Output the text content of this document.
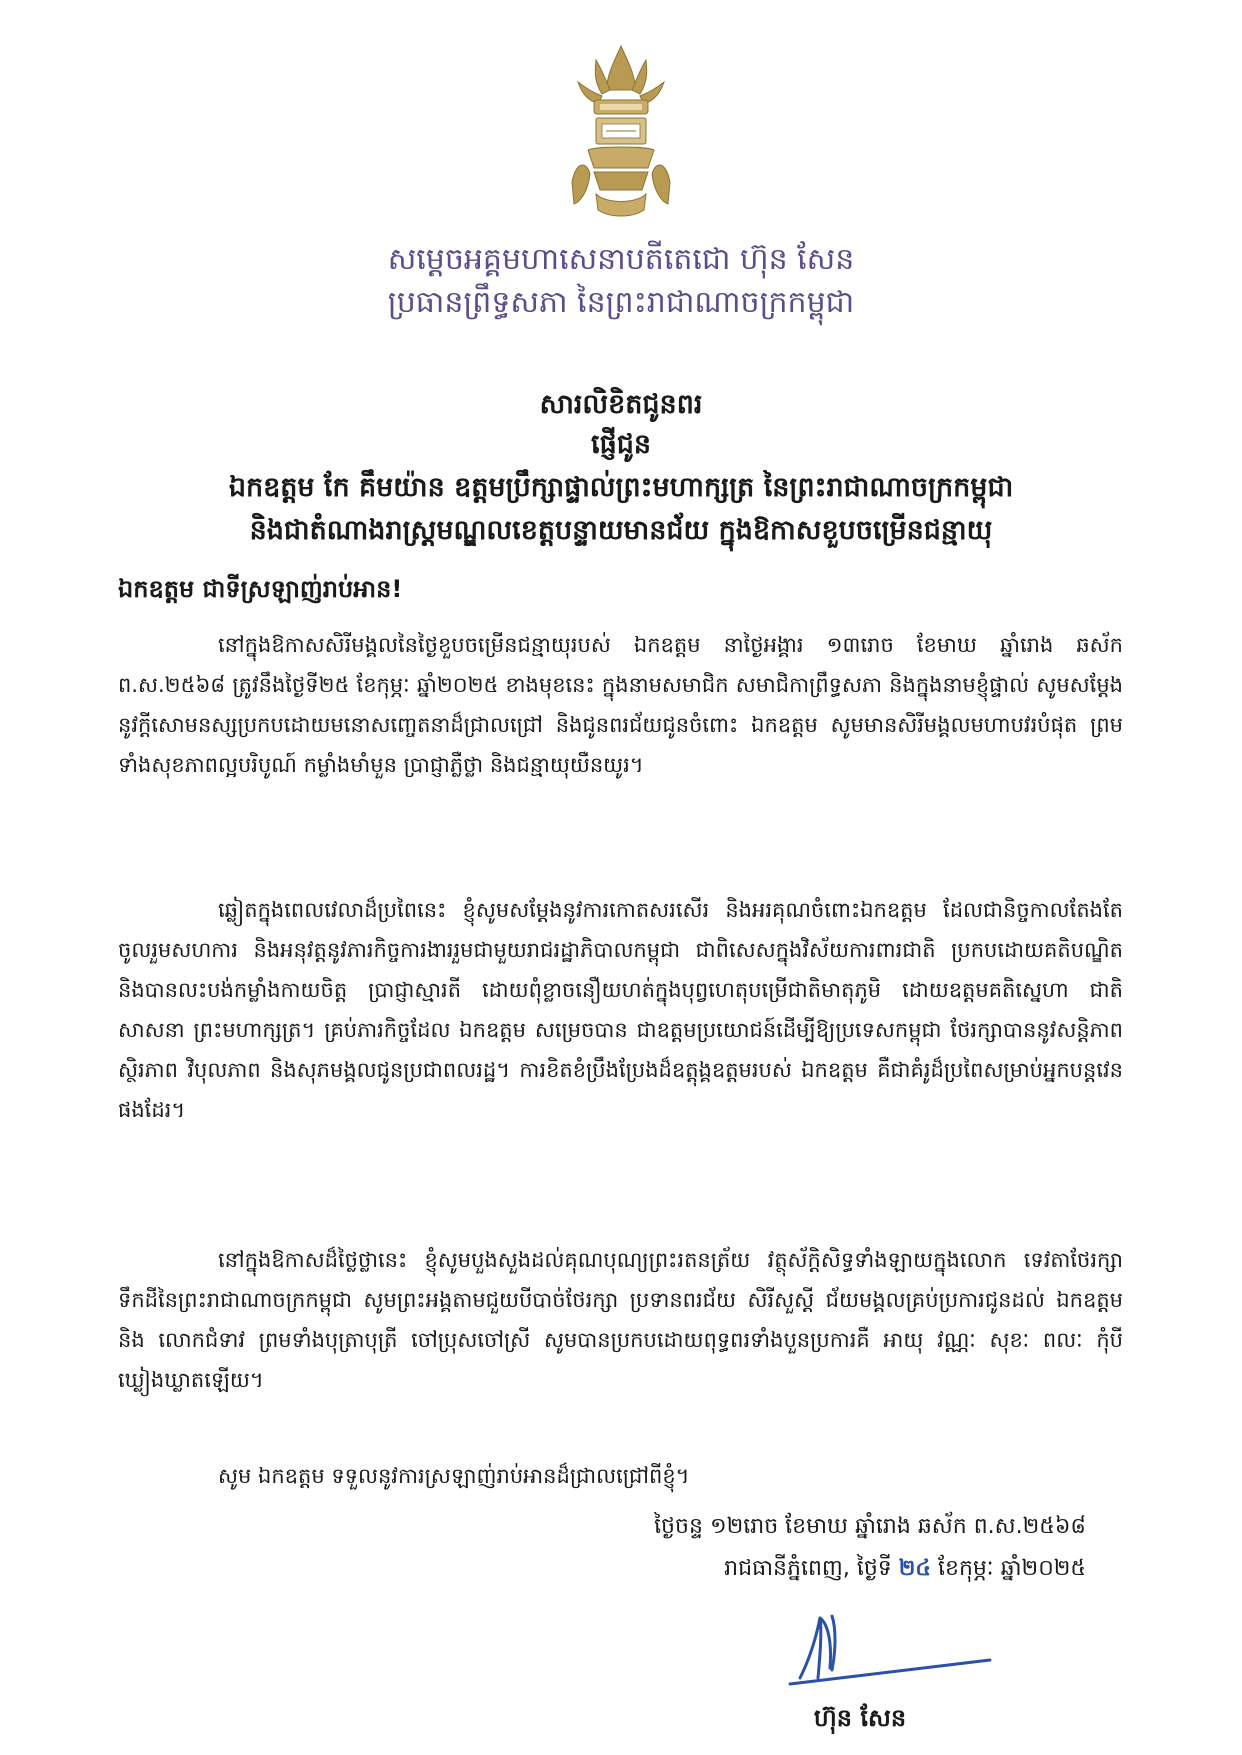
សម្តេចអគ្គមហាសេនាបតីតេជោ ហ៊ុន សែន
ប្រធានព្រឹទ្ធសភា នៃព្រះរាជាណាចក្រកម្ពុជា
សារលិខិតជូនពរ
ផ្ញើជូន
ឯកឧត្តម កែ គឹមយ៉ាន ឧត្តមប្រឹក្សាផ្ទាល់ព្រះមហាក្សត្រ នៃព្រះរាជាណាចក្រកម្ពុជា
និងជាតំណាងរាស្ត្រមណ្ឌលខេត្តបន្ទាយមានជ័យ ក្នុងឱកាសខួបចម្រើនជន្មាយុ
ឯកឧត្តម ជាទីស្រឡាញ់រាប់អាន!

នៅក្នុងឱកាសសិរីមង្គលនៃថ្ងៃខួបចម្រើនជន្មាយុរបស់ ឯកឧត្តម នាថ្ងៃអង្គារ ១៣រោច ខែមាឃ ឆ្នាំរោង ឆស័ក ព.ស.២៥៦៨ ត្រូវនឹងថ្ងៃទី២៥ ខែកុម្ភៈ ឆ្នាំ២០២៥ ខាងមុខនេះ ក្នុងនាមសមាជិក សមាជិកាព្រឹទ្ធសភា និងក្នុងនាមខ្ញុំផ្ទាល់ សូមសម្តែងនូវក្តីសោមនស្សប្រកបដោយមនោសញ្ចេតនាដ៏ជ្រាលជ្រៅ និងជូនពរជ័យជូនចំពោះ ឯកឧត្តម សូមមានសិរីមង្គលមហាបវរបំផុត ព្រមទាំងសុខភាពល្អបរិបូណ៍ កម្លាំងមាំមួន ប្រាជ្ញាភ្លឺថ្លា និងជន្មាយុយឺនយូរ។

ឆ្លៀតក្នុងពេលវេលាដ៏ប្រពៃនេះ ខ្ញុំសូមសម្តែងនូវការកោតសរសើរ និងអរគុណចំពោះឯកឧត្តម ដែលជានិច្ចកាលតែងតែចូលរួមសហការ និងអនុវត្តនូវភារកិច្ចការងាររួមជាមួយរាជរដ្ឋាភិបាលកម្ពុជា ជាពិសេសក្នុងវិស័យការពារជាតិ ប្រកបដោយគតិបណ្ឌិត និងបានលះបង់កម្លាំងកាយចិត្ត ប្រាជ្ញាស្មារតី ដោយពុំខ្លាចនឿយហត់ក្នុងបុព្វហេតុបម្រើជាតិមាតុភូមិ ដោយឧត្តមគតិស្នេហា ជាតិ សាសនា ព្រះមហាក្សត្រ។ គ្រប់ភារកិច្ចដែល ឯកឧត្តម សម្រេចបាន ជាឧត្តមប្រយោជន៍ដើម្បីឱ្យប្រទេសកម្ពុជា ថែរក្សាបាននូវសន្តិភាព ស្ថិរភាព វិបុលភាព និងសុភមង្គលជូនប្រជាពលរដ្ឋ។ ការខិតខំប្រឹងប្រែងដ៏ឧត្តុង្គឧត្តមរបស់ ឯកឧត្តម គឺជាគំរូដ៏ប្រពៃសម្រាប់អ្នកបន្តវេនផងដែរ។

នៅក្នុងឱកាសដ៏ថ្លៃថ្លានេះ ខ្ញុំសូមបួងសួងដល់គុណបុណ្យព្រះរតនត្រ័យ វត្ថុស័ក្តិសិទ្ធទាំងឡាយក្នុងលោក ទេវតាថែរក្សាទឹកដីនៃព្រះរាជាណាចក្រកម្ពុជា សូមព្រះអង្គតាមជួយបីបាច់ថែរក្សា ប្រទានពរជ័យ សិរីសួស្តី ជ័យមង្គលគ្រប់ប្រការជូនដល់ ឯកឧត្តម និង លោកជំទាវ ព្រមទាំងបុត្រាបុត្រី ចៅប្រុសចៅស្រី សូមបានប្រកបដោយពុទ្ធពរទាំងបួនប្រការគឺ អាយុ វណ្ណៈ សុខៈ ពលៈ កុំបីឃ្លៀងឃ្លាតឡើយ។

សូម ឯកឧត្តម ទទួលនូវការស្រឡាញ់រាប់អានដ៏ជ្រាលជ្រៅពីខ្ញុំ។

ថ្ងៃចន្ទ ១២រោច ខែមាឃ ឆ្នាំរោង ឆស័ក ព.ស.២៥៦៨
រាជធានីភ្នំពេញ, ថ្ងៃទី ២៤ ខែកុម្ភៈ ឆ្នាំ២០២៥
ហ៊ុន សែន
